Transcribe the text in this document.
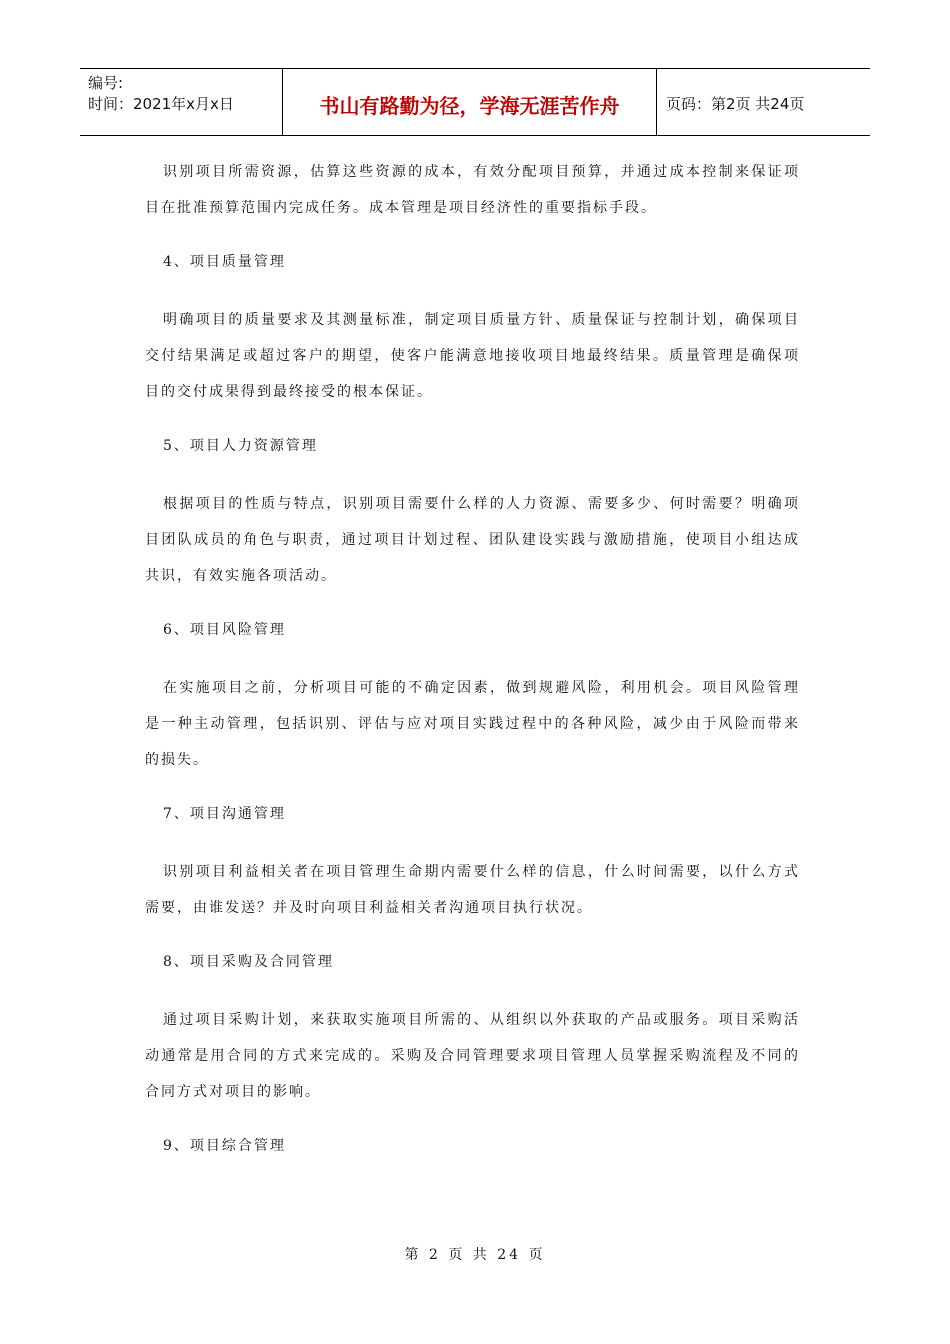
编号:
时间：2021年x月x日	书山有路勤为径，学海无涯苦作舟	页码：第2页 共24页

识别项目所需资源，估算这些资源的成本，有效分配项目预算，并通过成本控制来保证项目在批准预算范围内完成任务。成本管理是项目经济性的重要指标手段。

4、项目质量管理

明确项目的质量要求及其测量标准，制定项目质量方针、质量保证与控制计划，确保项目交付结果满足或超过客户的期望，使客户能满意地接收项目地最终结果。质量管理是确保项目的交付成果得到最终接受的根本保证。

5、项目人力资源管理

根据项目的性质与特点，识别项目需要什么样的人力资源、需要多少、何时需要？明确项目团队成员的角色与职责，通过项目计划过程、团队建设实践与激励措施，使项目小组达成共识，有效实施各项活动。

6、项目风险管理

在实施项目之前，分析项目可能的不确定因素，做到规避风险，利用机会。项目风险管理是一种主动管理，包括识别、评估与应对项目实践过程中的各种风险，减少由于风险而带来的损失。

7、项目沟通管理

识别项目利益相关者在项目管理生命期内需要什么样的信息，什么时间需要，以什么方式需要，由谁发送？并及时向项目利益相关者沟通项目执行状况。

8、项目采购及合同管理

通过项目采购计划，来获取实施项目所需的、从组织以外获取的产品或服务。项目采购活动通常是用合同的方式来完成的。采购及合同管理要求项目管理人员掌握采购流程及不同的合同方式对项目的影响。

9、项目综合管理

第 2 页 共 24 页
